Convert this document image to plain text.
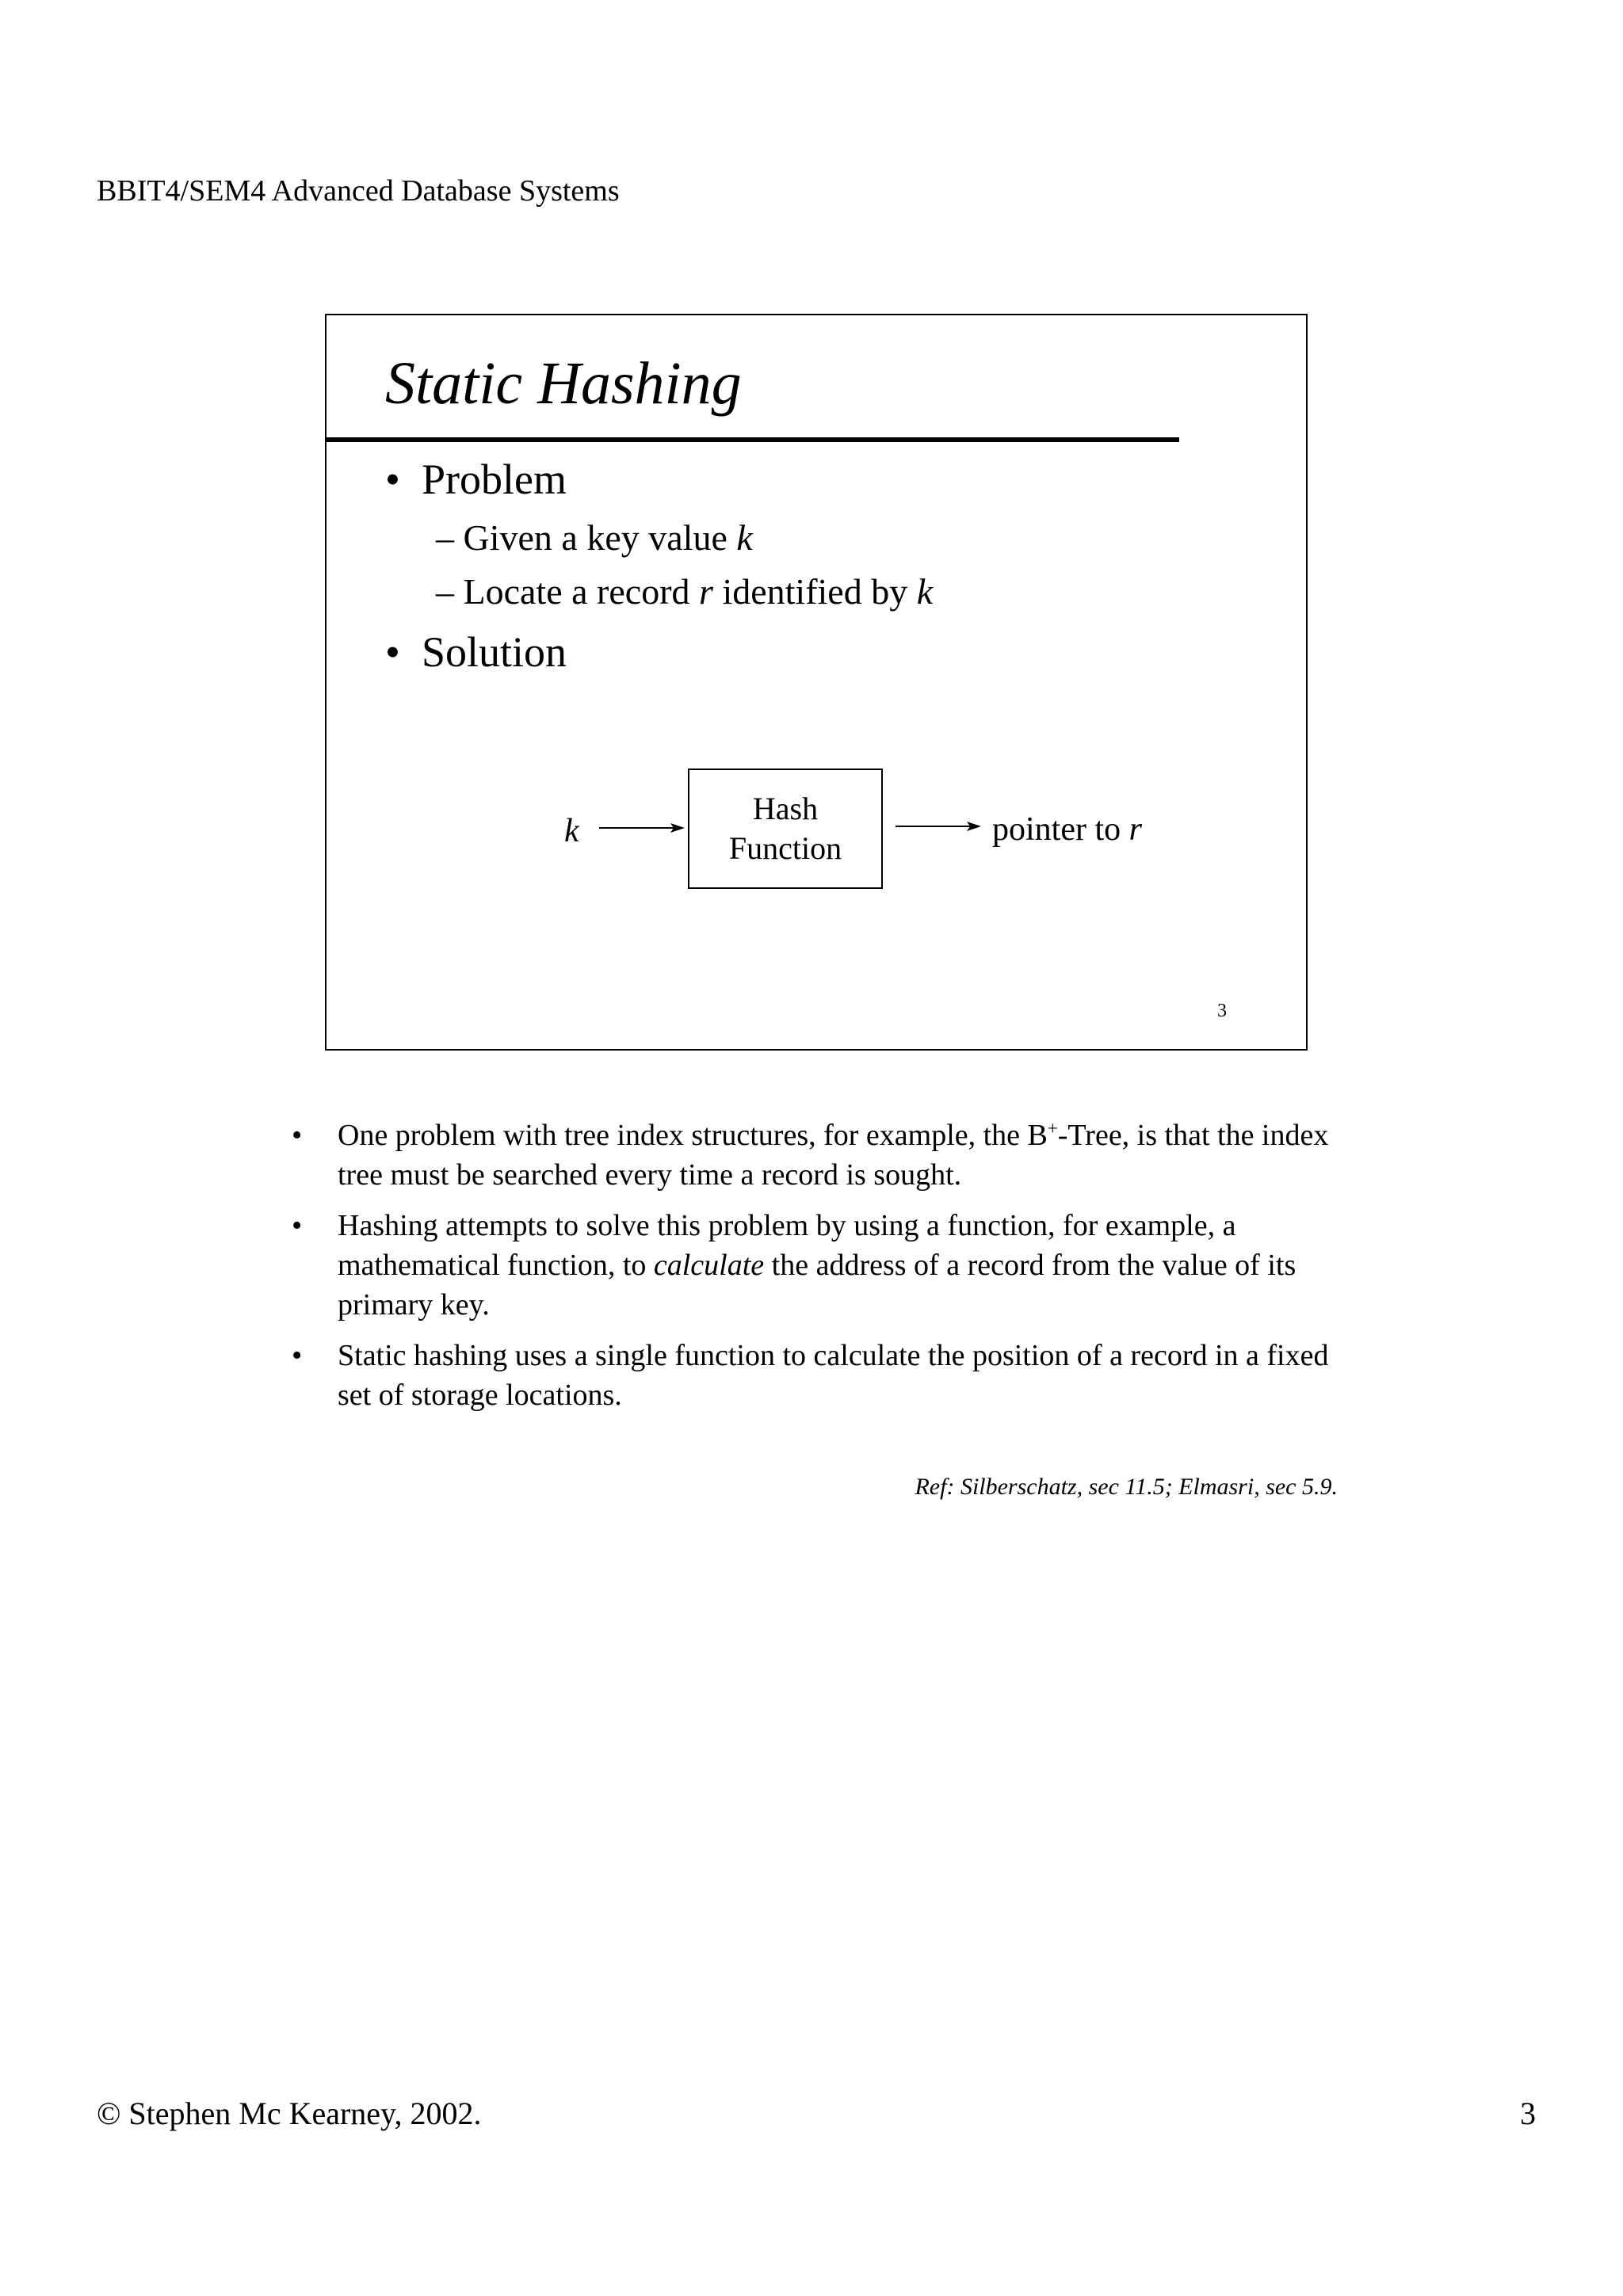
BBIT4/SEM4 Advanced Database Systems
Static Hashing
• Problem
– Given a key value k
– Locate a record r identified by k
• Solution
k
Hash
Function
pointer to r
3
• One problem with tree index structures, for example, the B+-Tree, is that the index tree must be searched every time a record is sought.
• Hashing attempts to solve this problem by using a function, for example, a mathematical function, to calculate the address of a record from the value of its primary key.
• Static hashing uses a single function to calculate the position of a record in a fixed set of storage locations.
Ref: Silberschatz, sec 11.5; Elmasri, sec 5.9.
© Stephen Mc Kearney, 2002.	3
